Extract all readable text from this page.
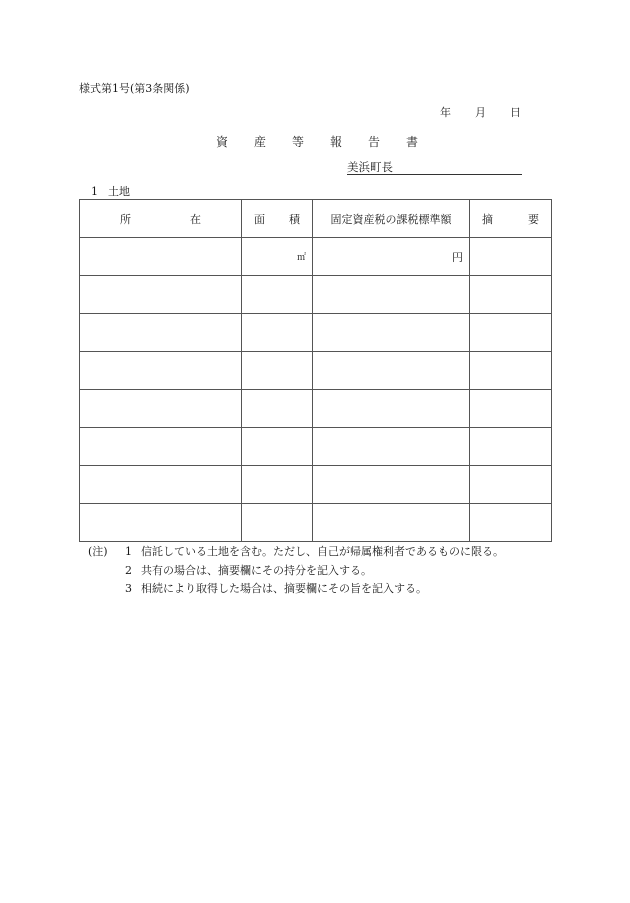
様式第1号(第3条関係)
年 月 日
資 産 等 報 告 書
美浜町長
1 土地
所 在	面 積	固定資産税の課税標準額	摘 要

	㎡	円	

(注)	1 信託している土地を含む。ただし、自己が帰属権利者であるものに限る。
2 共有の場合は、摘要欄にその持分を記入する。
3 相続により取得した場合は、摘要欄にその旨を記入する。
